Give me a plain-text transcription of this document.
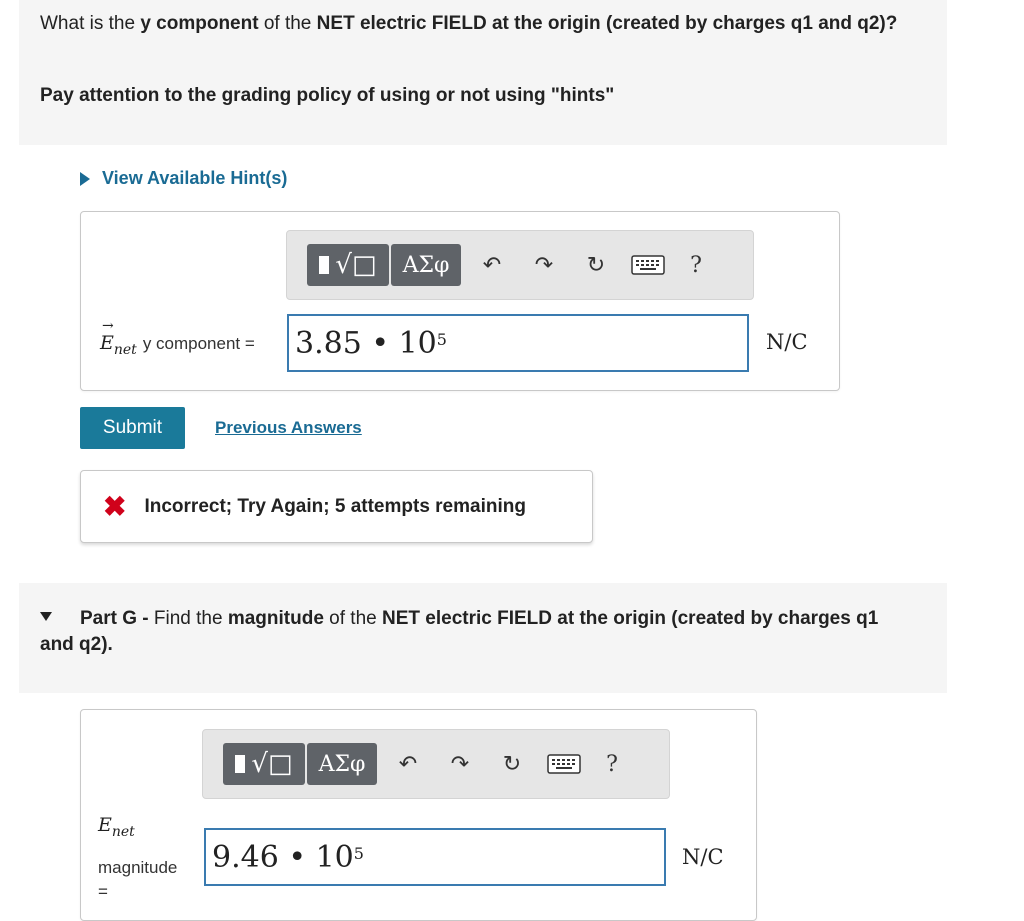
What is the y component of the NET electric FIELD at the origin (created by charges q1 and q2)?
Pay attention to the grading policy of using or not using "hints"
View Available Hint(s)
√□	ΑΣφ	↶	↷	↻	?
→
$E_{net}$ y component = 3.85 • $10^5$	N/C
Submit	Previous Answers
✖ Incorrect; Try Again; 5 attempts remaining
Part G - Find the magnitude of the NET electric FIELD at the origin (created by charges q1 and q2).
√□	ΑΣφ	↶	↷	↻	?
$E_{net}$
magnitude
=
9.46 • $10^5$	N/C
